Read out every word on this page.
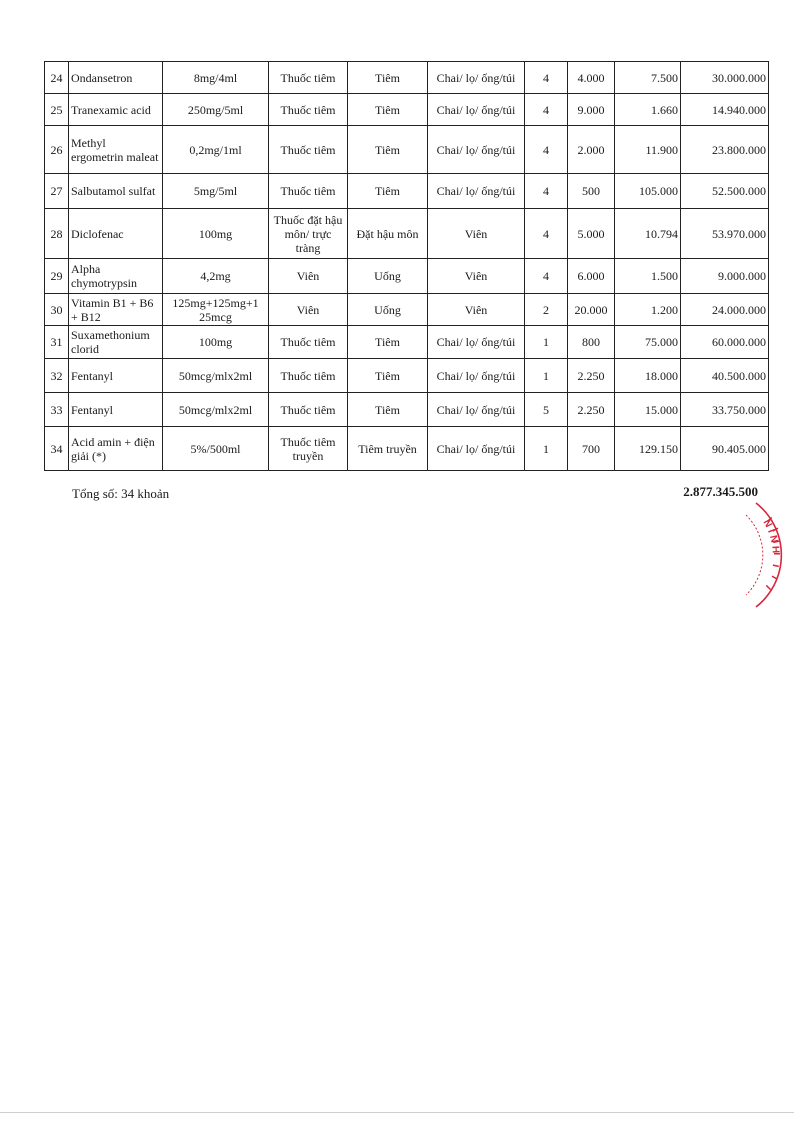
24	Ondansetron	8mg/4ml	Thuốc tiêm	Tiêm	Chai/ lọ/ ống/túi	4	4.000	7.500	30.000.000
25	Tranexamic acid	250mg/5ml	Thuốc tiêm	Tiêm	Chai/ lọ/ ống/túi	4	9.000	1.660	14.940.000
26	Methyl ergometrin maleat	0,2mg/1ml	Thuốc tiêm	Tiêm	Chai/ lọ/ ống/túi	4	2.000	11.900	23.800.000
27	Salbutamol sulfat	5mg/5ml	Thuốc tiêm	Tiêm	Chai/ lọ/ ống/túi	4	500	105.000	52.500.000
28	Diclofenac	100mg	Thuốc đặt hậu môn/ trực tràng	Đặt hậu môn	Viên	4	5.000	10.794	53.970.000
29	Alpha chymotrypsin	4,2mg	Viên	Uống	Viên	4	6.000	1.500	9.000.000
30	Vitamin B1 + B6 + B12	125mg+125mg+1 25mcg	Viên	Uống	Viên	2	20.000	1.200	24.000.000
31	Suxamethonium clorid	100mg	Thuốc tiêm	Tiêm	Chai/ lọ/ ống/túi	1	800	75.000	60.000.000
32	Fentanyl	50mcg/mlx2ml	Thuốc tiêm	Tiêm	Chai/ lọ/ ống/túi	1	2.250	18.000	40.500.000
33	Fentanyl	50mcg/mlx2ml	Thuốc tiêm	Tiêm	Chai/ lọ/ ống/túi	5	2.250	15.000	33.750.000
34	Acid amin + điện giải (*)	5%/500ml	Thuốc tiêm truyền	Tiêm truyền	Chai/ lọ/ ống/túi	1	700	129.150	90.405.000
Tổng số: 34 khoản	2.877.345.500
NINH
